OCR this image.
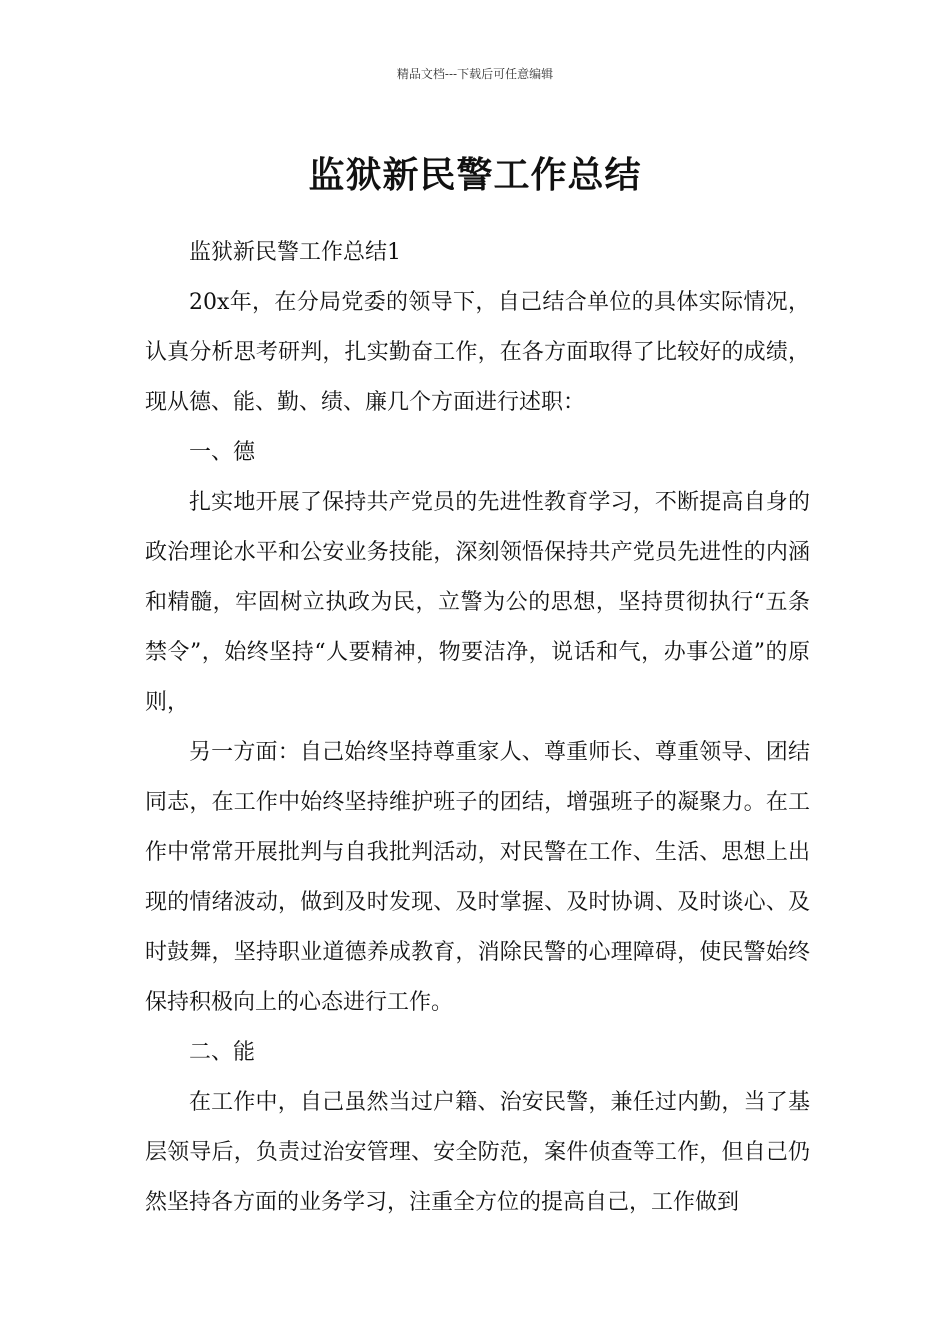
精品文档---下载后可任意编辑
监狱新民警工作总结

监狱新民警工作总结1

20x年，在分局党委的领导下，自己结合单位的具体实际情况，认真分析思考研判，扎实勤奋工作，在各方面取得了比较好的成绩，现从德、能、勤、绩、廉几个方面进行述职：

一、德

扎实地开展了保持共产党员的先进性教育学习，不断提高自身的政治理论水平和公安业务技能，深刻领悟保持共产党员先进性的内涵和精髓，牢固树立执政为民，立警为公的思想，坚持贯彻执行“五条禁令”，始终坚持“人要精神，物要洁净，说话和气，办事公道”的原则，

另一方面：自己始终坚持尊重家人、尊重师长、尊重领导、团结同志，在工作中始终坚持维护班子的团结，增强班子的凝聚力。在工作中常常开展批判与自我批判活动，对民警在工作、生活、思想上出现的情绪波动，做到及时发现、及时掌握、及时协调、及时谈心、及时鼓舞，坚持职业道德养成教育，消除民警的心理障碍，使民警始终保持积极向上的心态进行工作。

二、能

在工作中，自己虽然当过户籍、治安民警，兼任过内勤，当了基层领导后，负责过治安管理、安全防范，案件侦查等工作，但自己仍然坚持各方面的业务学习，注重全方位的提高自己，工作做到
